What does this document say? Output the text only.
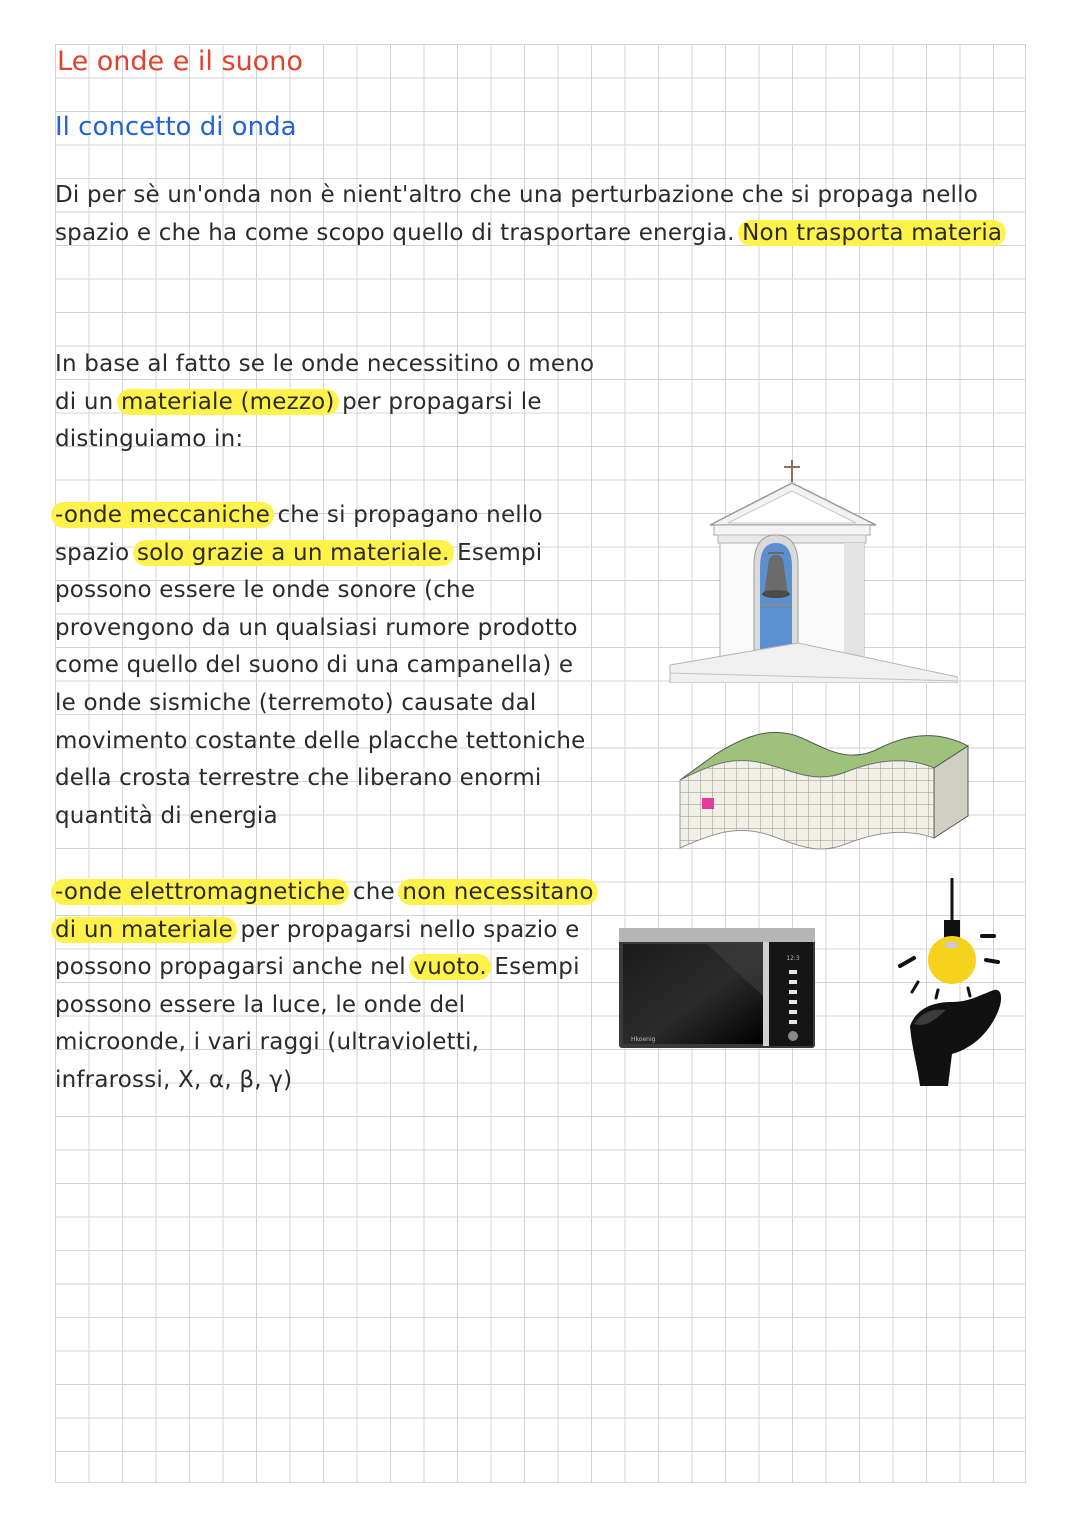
Le onde e il suono
Il concetto di onda
Di per sè un'onda non è nient'altro che una perturbazione che si propaga nello spazio e che ha come scopo quello di trasportare energia. Non trasporta materia
In base al fatto se le onde necessitino o meno di un materiale (mezzo) per propagarsi le distinguiamo in:
-onde meccaniche che si propagano nello spazio solo grazie a un materiale. Esempi possono essere le onde sonore (che provengono da un qualsiasi rumore prodotto come quello del suono di una campanella) e le onde sismiche (terremoto) causate dal movimento costante delle placche tettoniche della crosta terrestre che liberano enormi quantità di energia
-onde elettromagnetiche che non necessitano di un materiale per propagarsi nello spazio e possono propagarsi anche nel vuoto. Esempi possono essere la luce, le onde del microonde, i vari raggi (ultravioletti, infrarossi, X, α, β, γ)
12:3
Hkoenig
